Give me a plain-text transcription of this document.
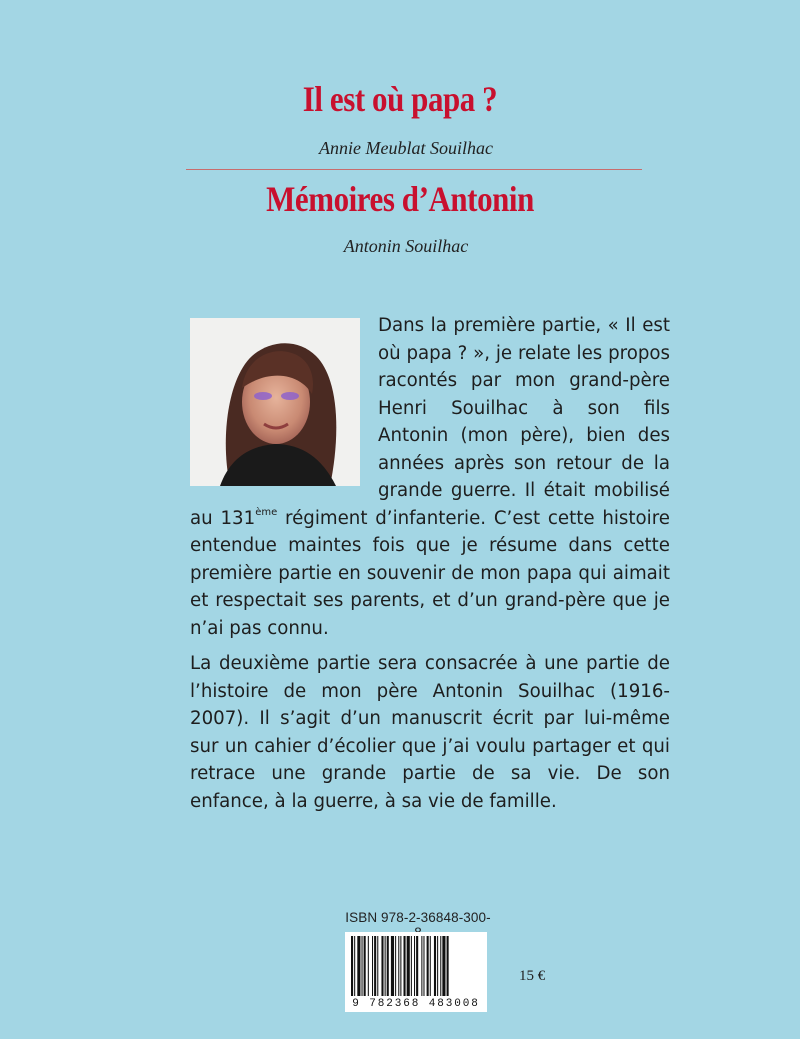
Il est où papa ?
Annie Meublat Souilhac
Mémoires d’Antonin
Antonin Souilhac

Dans la première partie, « Il est où papa ? », je relate les propos racontés par mon grand-père Henri Souilhac à son fils Antonin (mon père), bien des années après son retour de la grande guerre. Il était mobilisé au 131ème régiment d’infanterie. C’est cette histoire entendue maintes fois que je résume dans cette première partie en souvenir de mon papa qui aimait et respectait ses parents, et d’un grand-père que je n’ai pas connu.

La deuxième partie sera consacrée à une partie de l’histoire de mon père Antonin Souilhac (1916-2007). Il s’agit d’un manuscrit écrit par lui-même sur un cahier d’écolier que j’ai voulu partager et qui retrace une grande partie de sa vie. De son enfance, à la guerre, à sa vie de famille.

ISBN 978-2-36848-300-
9 782368 483008
15 €
